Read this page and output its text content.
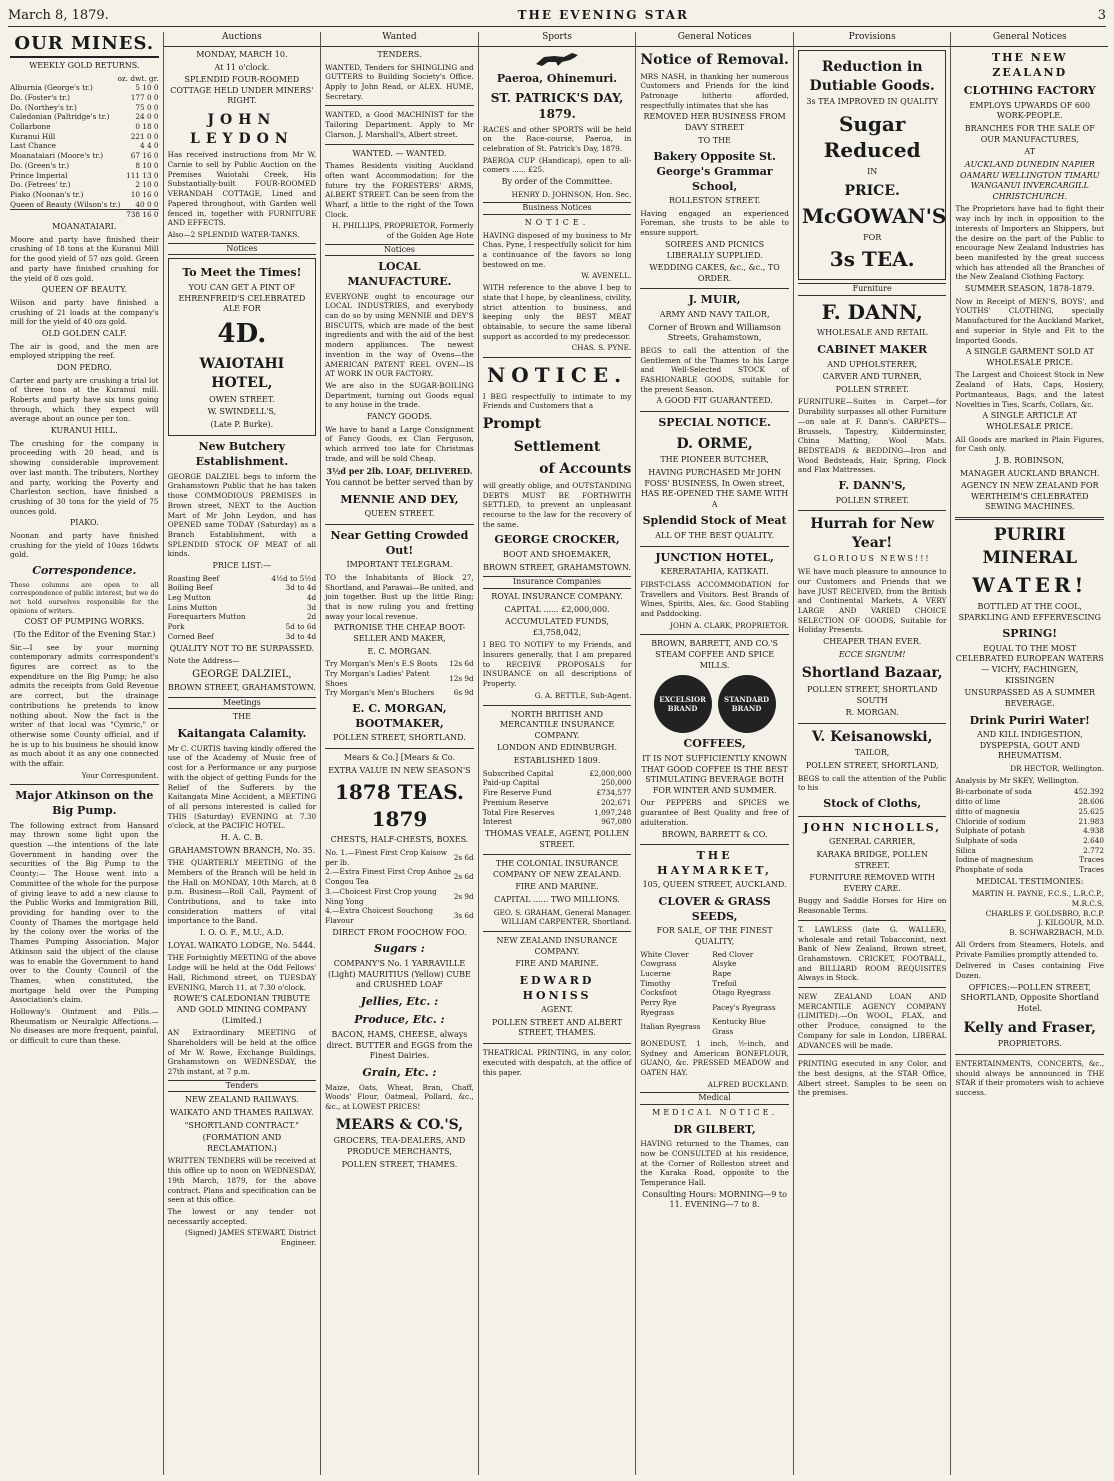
March 8, 1879.	THE EVENING STAR	3
OUR MINES.
WEEKLY GOLD RETURNS.
oz. dwt. gr.
Alburnia (George's tr.)	5 10 0
Do. (Foster's tr.)	177 0 0
Do. (Northey's tr.)	75 0 0
Caledonian (Paltridge's tr.)	24 0 0
Collarbone	0 18 0
Kuranui Hill	221 0 0
Last Chance	4 4 0
Moanataiari (Moore's tr.)	67 16 0
Do. (Green's tr.)	8 10 0
Prince Imperial	111 13 0
Do. (Fetrees' tr.)	2 10 0
Piako (Noonan's tr.)	10 16 0
Queen of Beauty (Wilson's tr.)	40 0 0
738 16 0
MOANATAIARI.
Moore and party have finished their crushing of 18 tons at the Kuranui Mill for the good yield of 57 ozs gold. Green and party have finished crushing for the yield of 8 ozs gold.
QUEEN OF BEAUTY.
Wilson and party have finished a crushing of 21 loads at the company's mill for the yield of 40 ozs gold.
OLD GOLDEN CALF.
The air is good, and the men are employed stripping the reef.
DON PEDRO.
Carter and party are crushing a trial lot of three tons at the Kuranui mill. Roberts and party have six tons going through, which they expect will average about an ounce per ton.
KURANUI HILL.
The crushing for the company is proceeding with 20 head, and is showing considerable improvement over last month. The tributers, Northey and party, working the Poverty and Charleston section, have finished a crushing of 30 tons for the yield of 75 ounces gold.
PIAKO.
Noonan and party have finished crushing for the yield of 10ozs 16dwts gold.
Correspondence.
These columns are open to all correspondence of public interest, but we do not hold ourselves responsible for the opinions of writers.
COST OF PUMPING WORKS.
(To the Editor of the Evening Star.)
Sir,—I see by your morning contemporary admits correspondent's figures are correct as to the expenditure on the Big Pump; he also admits the receipts from Gold Revenue are correct, but the drainage contributions he pretends to know nothing about. Now the fact is the writer of that local was "Cymric," or otherwise some County official, and if he is up to his business he should know as much about it as any one connected with the affair.
Your Correspondent.
Major Atkinson on the Big Pump.
The following extract from Hansard may thrown some light upon the question —the intentions of the late Government in handing over the securities of the Big Pump to the County:— The House went into a Committee of the whole for the purpose of giving leave to add a new clause to the Public Works and Immigration Bill, providing for handing over to the County of Thames the mortgage held by the colony over the works of the Thames Pumping Association. Major Atkinson said the object of the clause was to enable the Government to hand over to the County Council of the Thames, when constituted, the mortgage held over the Pumping Association's claim.
Holloway's Ointment and Pills.—Rheumatism or Neuralgic Affections.—No diseases are more frequent, painful, or difficult to cure than these.
Auctions
MONDAY, MARCH 10.
At 11 o'clock.
SPLENDID FOUR-ROOMED COTTAGE HELD UNDER MINERS' RIGHT.
JOHN LEYDON
Has received instructions from Mr W. Carnie to sell by Public Auction on the Premises Waiotahi Creek, His Substantially-built FOUR-ROOMED VERANDAH COTTAGE, Lined and Papered throughout, with Garden well fenced in, together with FURNITURE AND EFFECTS.
Also—2 SPLENDID WATER-TANKS.
Notices
To Meet the Times!
YOU CAN GET A PINT OF EHRENFREID'S CELEBRATED ALE FOR
4D.
WAIOTAHI HOTEL,
OWEN STREET.
W. SWINDELL'S,
(Late P. Burke).
New Butchery Establishment.
GEORGE DALZIEL begs to inform the Grahamstown Public that he has taken those COMMODIOUS PREMISES in Brown street, NEXT to the Auction Mart of Mr John Leydon, and has OPENED same TODAY (Saturday) as a Branch Establishment, with a SPLENDID STOCK OF MEAT of all kinds.
PRICE LIST:—
Roasting Beef	4½d to 5½d
Boiling Beef	3d to 4d
Leg Mutton	4d
Loins Mutton	3d
Forequarters Mutton	2d
Pork	5d to 6d
Corned Beef	3d to 4d
QUALITY NOT TO BE SURPASSED.
Note the Address—
GEORGE DALZIEL,
BROWN STREET, GRAHAMSTOWN.
Meetings
THE
Kaitangata Calamity.
Mr C. CURTIS having kindly offered the use of the Academy of Music free of cost for a Performance or any purpose with the object of getting Funds for the Relief of the Sufferers by the Kaitangata Mine Accident, a MEETING of all persons interested is called for THIS (Saturday) EVENING at 7.30 o'clock, at the PACIFIC HOTEL.
H. A. C. B.
GRAHAMSTOWN BRANCH, No. 35.
THE QUARTERLY MEETING of the Members of the Branch will be held in the Hall on MONDAY, 10th March, at 8 p.m. Business—Roll Call, Payment of Contributions, and to take into consideration matters of vital importance to the Band.
I. O. O. F., M.U., A.D.
LOYAL WAIKATO LODGE, No. 5444.
THE Fortnightly MEETING of the above Lodge will be held at the Odd Fellows' Hall, Richmond street, on TUESDAY EVENING, March 11, at 7.30 o'clock.
ROWE'S CALEDONIAN TRIBUTE AND GOLD MINING COMPANY (Limited.)
AN Extraordinary MEETING of Shareholders will be held at the office of Mr W. Rowe, Exchange Buildings, Grahamstown on WEDNESDAY, the 27th instant, at 7 p.m.
Tenders
NEW ZEALAND RAILWAYS.
WAIKATO AND THAMES RAILWAY.
"SHORTLAND CONTRACT."
(FORMATION AND RECLAMATION.)
WRITTEN TENDERS will be received at this office up to noon on WEDNESDAY, 19th March, 1879, for the above contract. Plans and specification can be seen at this office.
The lowest or any tender not necessarily accepted.
(Signed) JAMES STEWART, District Engineer.
Wanted
TENDERS.
WANTED, Tenders for SHINGLING and GUTTERS to Building Society's Office. Apply to John Read, or ALEX. HUME, Secretary.
WANTED, a Good MACHINIST for the Tailoring Department. Apply to Mr Clarson, J. Marshall's, Albert street.
WANTED. — WANTED.
Thames Residents visiting Auckland often want Accommodation; for the future try the FORESTERS' ARMS, ALBERT STREET. Can be seen from the Wharf, a little to the right of the Town Clock.
H. PHILLIPS, PROPRIETOR, Formerly of the Golden Age Hote
Notices
LOCAL MANUFACTURE.
EVERYONE ought to encourage our LOCAL INDUSTRIES, and everybody can do so by using MENNIE and DEY'S BISCUITS, which are made of the best ingredients and with the aid of the best modern appliances. The newest invention in the way of Ovens—the AMERICAN PATENT REEL OVEN—IS AT WORK IN OUR FACTORY.
We are also in the SUGAR-BOILING Department, turning out Goods equal to any house in the trade.
FANCY GOODS.
We have to hand a Large Consignment of Fancy Goods, ex Clan Ferguson, which arrived too late for Christmas trade, and will be sold Cheap.
3½d per 2lb. LOAF, DELIVERED.
You cannot be better served than by
MENNIE AND DEY,
QUEEN STREET.
Near Getting Crowded Out!
IMPORTANT TELEGRAM.
TO the Inhabitants of Block 27, Shortland, and Parawai—Be united, and join together. Bust up the little Ring; that is now ruling you and fretting away your local revenue.
PATRONISE THE CHEAP BOOT-SELLER AND MAKER,
E. C. MORGAN.
Try Morgan's Men's E.S Boots	12s 6d
Try Morgan's Ladies' Patent Shoes	12s 9d
Try Morgan's Men's Bluchers	6s 9d
E. C. MORGAN, BOOTMAKER,
POLLEN STREET, SHORTLAND.
Mears & Co.] [Mears & Co.
EXTRA VALUE IN NEW SEASON'S
1878 TEAS. 1879
CHESTS, HALF-CHESTS, BOXES.
No. 1.—Finest First Crop Kaisow per lb.	2s 6d
2.—Extra Finest First Crop Anhoe Congou Tea	2s 6d
3.—Choicest First Crop young Ning Yong	2s 9d
4.—Extra Choicest Souchong Flavour	3s 6d
DIRECT FROM FOOCHOW FOO.
Sugars :
COMPANY'S No. 1 YARRAVILLE (Light) MAURITIUS (Yellow) CUBE and CRUSHED LOAF
Jellies, Etc. :
Produce, Etc. :
BACON, HAMS, CHEESE, always direct. BUTTER and EGGS from the Finest Dairies.
Grain, Etc. :
Maize, Oats, Wheat, Bran, Chaff, Woods' Flour, Oatmeal, Pollard, &c., &c., at LOWEST PRICES!
MEARS & CO.'S,
GROCERS, TEA-DEALERS, AND PRODUCE MERCHANTS,
POLLEN STREET, THAMES.
Sports
Paeroa, Ohinemuri.
ST. PATRICK'S DAY, 1879.
RACES and other SPORTS will be held on the Race-course, Paeroa, in celebration of St. Patrick's Day, 1879.
PAEROA CUP (Handicap), open to all-comers ...... £25.
By order of the Committee.
HENRY D. JOHNSON, Hon. Sec.
Business Notices
NOTICE.
HAVING disposed of my business to Mr Chas. Pyne, I respectfully solicit for him a continuance of the favors so long bestowed on me.
W. AVENELL.
WITH reference to the above I beg to state that I hope, by cleanliness, civility, strict attention to business, and keeping only the BEST MEAT obtainable, to secure the same liberal support as accorded to my predecessor.
CHAS. S. PYNE.
NOTICE.
I BEG respectfully to intimate to my Friends and Customers that a
Prompt
Settlement
of Accounts
will greatly oblige, and OUTSTANDING DEBTS MUST BE FORTHWITH SETTLED, to prevent an unpleasant recourse to the law for the recovery of the same.
GEORGE CROCKER,
BOOT AND SHOEMAKER,
BROWN STREET, GRAHAMSTOWN.
Insurance Companies
ROYAL INSURANCE COMPANY.
CAPITAL ...... £2,000,000.
ACCUMULATED FUNDS, £3,758,042,
I BEG TO NOTIFY to my Friends, and Insurers generally, that I am prepared to RECEIVE PROPOSALS for INSURANCE on all descriptions of Property.
G. A. BETTLE, Sub-Agent.
NORTH BRITISH AND MERCANTILE INSURANCE COMPANY.
LONDON AND EDINBURGH.
ESTABLISHED 1809.
Subscribed Capital	£2,000,000
Paid-up Capital	250,000
Fire Reserve Fund	£734,577
Premium Reserve	202,671
Total Fire Reserves	1,097,248
Interest	967,080
THOMAS VEALE, AGENT, POLLEN STREET.
THE COLONIAL INSURANCE COMPANY OF NEW ZEALAND.
FIRE AND MARINE.
CAPITAL ...... TWO MILLIONS.
GEO. S. GRAHAM, General Manager.
WILLIAM CARPENTER, Shortland.
NEW ZEALAND INSURANCE COMPANY.
FIRE AND MARINE.
EDWARD HONISS
AGENT.
POLLEN STREET AND ALBERT STREET, THAMES.
THEATRICAL PRINTING, in any color, executed with despatch, at the office of this paper.
General Notices
Notice of Removal.
MRS NASH, in thanking her numerous Customers and Friends for the kind Patronage hitherto afforded, respectfully intimates that she has
REMOVED HER BUSINESS FROM DAVY STREET
TO THE
Bakery Opposite St. George's Grammar School,
ROLLESTON STREET.
Having engaged an experienced Foreman, she trusts to be able to ensure support.
SOIREES AND PICNICS LIBERALLY SUPPLIED.
WEDDING CAKES, &c., &c., TO ORDER.
J. MUIR,
ARMY AND NAVY TAILOR,
Corner of Brown and Williamson Streets, Grahamstown,
BEGS to call the attention of the Gentlemen of the Thames to his Large and Well-Selected STOCK of FASHIONABLE GOODS, suitable for the present Season.
A GOOD FIT GUARANTEED.
SPECIAL NOTICE.
D. ORME,
THE PIONEER BUTCHER,
HAVING PURCHASED Mr JOHN FOSS' BUSINESS, In Owen street, HAS RE-OPENED THE SAME WITH A
Splendid Stock of Meat
ALL OF THE BEST QUALITY.
JUNCTION HOTEL,
KERERATAHIA, KATIKATI.
FIRST-CLASS ACCOMMODATION for Travellers and Visitors. Best Brands of Wines, Spirits, Ales, &c. Good Stabling and Paddocking.
JOHN A. CLARK, PROPRIETOR.
BROWN, BARRETT, AND CO.'S STEAM COFFEE AND SPICE MILLS.
EXCELSIOR BRAND
STANDARD BRAND
COFFEES,
IT IS NOT SUFFICIENTLY KNOWN THAT GOOD COFFEE IS THE BEST STIMULATING BEVERAGE BOTH FOR WINTER AND SUMMER.
Our PEPPERS and SPICES we guarantee of Best Quality and free of adulteration.
BROWN, BARRETT & CO.
THE HAYMARKET,
105, QUEEN STREET, AUCKLAND.
CLOVER & GRASS SEEDS,
FOR SALE, OF THE FINEST QUALITY,
White Clover	Red Clover
Cowgrass	Alsyke
Lucerne	Rape
Timothy	Trefoil
Cocksfoot	Otago Ryegrass
Perry Rye Ryegrass	Pacey's Ryegrass
Italian Ryegrass	Kentucky Blue Grass
BONEDUST, 1 inch, ½-inch, and Sydney and American BONEFLOUR, GUANO, &c. PRESSED MEADOW and OATEN HAY.
ALFRED BUCKLAND.
Medical
MEDICAL NOTICE.
DR GILBERT,
HAVING returned to the Thames, can now be CONSULTED at his residence, at the Corner of Rolleston street and the Karaka Road, opposite to the Temperance Hall.
Consulting Hours: MORNING—9 to 11. EVENING—7 to 8.
Provisions
Reduction in Dutiable Goods.
3s TEA IMPROVED IN QUALITY
Sugar Reduced
IN
PRICE.
McGOWAN'S
FOR
3s TEA.
Furniture
F. DANN,
WHOLESALE AND RETAIL
CABINET MAKER
AND UPHOLSTERER,
CARVER AND TURNER,
POLLEN STREET.
FURNITURE—Suites in Carpet—for Durability surpasses all other Furniture—on sale at F. Dann's. CARPETS—Brussels, Tapestry, Kidderminster, China Matting, Wool Mats. BEDSTEADS & BEDDING—Iron and Wood Bedsteads, Hair, Spring, Flock and Flax Mattresses.
F. DANN'S,
POLLEN STREET.
Hurrah for New Year!
GLORIOUS NEWS!!!
WE have much pleasure to announce to our Customers and Friends that we have JUST RECEIVED, from the British and Continental Markets, A VERY LARGE AND VARIED CHOICE SELECTION OF GOODS, Suitable for Holiday Presents.
CHEAPER THAN EVER.
ECCE SIGNUM!
Shortland Bazaar,
POLLEN STREET, SHORTLAND SOUTH
R. MORGAN.
V. Keisanowski,
TAILOR,
POLLEN STREET, SHORTLAND,
BEGS to call the attention of the Public to his
Stock of Cloths,
JOHN NICHOLLS,
GENERAL CARRIER,
KARAKA BRIDGE, POLLEN STREET.
FURNITURE REMOVED WITH EVERY CARE.
Buggy and Saddle Horses for Hire on Reasonable Terms.
T. LAWLESS (late G. WALLER), wholesale and retail Tobacconist, next Bank of New Zealand, Brown street, Grahamstown. CRICKET, FOOTBALL, and BILLIARD ROOM REQUISITES Always in Stock.
NEW ZEALAND LOAN AND MERCANTILE AGENCY COMPANY (LIMITED).—On WOOL, FLAX, and other Produce, consigned to the Company for sale in London, LIBERAL ADVANCES will be made.
PRINTING executed in any Color, and the best designs, at the STAR Office, Albert street. Samples to be seen on the premises.
General Notices
THE NEW ZEALAND
CLOTHING FACTORY
EMPLOYS UPWARDS OF 600 WORK-PEOPLE.
BRANCHES FOR THE SALE OF OUR MANUFACTURES,
AT
AUCKLAND DUNEDIN NAPIER OAMARU WELLINGTON TIMARU WANGANUI INVERCARGILL CHRISTCHURCH.
The Proprietors have had to fight their way inch by inch in opposition to the interests of Importers an Shippers, but the desire on the part of the Public to encourage New Zealand Industries has been manifested by the great success which has attended all the Branches of the New Zealand Clothing Factory.
SUMMER SEASON, 1878-1879.
Now in Receipt of MEN'S, BOYS', and YOUTHS' CLOTHING, specially Manufactured for the Auckland Market, and superior in Style and Fit to the Imported Goods.
A SINGLE GARMENT SOLD AT WHOLESALE PRICE.
The Largest and Choicest Stock in New Zealand of Hats, Caps, Hosiery, Portmanteaus, Bags, and the latest Novelties in Ties, Scarfs, Collars, &c.
A SINGLE ARTICLE AT WHOLESALE PRICE.
All Goods are marked in Plain Figures, for Cash only.
J. B. ROBINSON,
MANAGER AUCKLAND BRANCH.
AGENCY IN NEW ZEALAND FOR WERTHEIM'S CELEBRATED SEWING MACHINES.
PURIRI MINERAL
WATER!
BOTTLED AT THE COOL, SPARKLING AND EFFERVESCING
SPRING!
EQUAL TO THE MOST CELEBRATED EUROPEAN WATERS— VICHY, FACHINGEN, KISSINGEN
UNSURPASSED AS A SUMMER BEVERAGE.
Drink Puriri Water!
AND KILL INDIGESTION, DYSPEPSIA, GOUT AND RHEUMATISM.
DR HECTOR, Wellington.
Analysis by Mr SKEY, Wellington.
Bi-carbonate of soda	452.392
ditto of lime	28.606
ditto of magnesia	25.625
Chloride of sodium	21.983
Sulphate of potash	4.938
Sulphate of soda	2.640
Silica	2.772
Iodine of magnesium	Traces
Phosphate of soda	Traces
MEDICAL TESTIMONIES:
MARTIN H. PAYNE, F.C.S., L.R.C.P., M.R.C.S.
CHARLES F. GOLDSBRO, B.C.P.
J. KILGOUR, M.D.
B. SCHWARZBACH, M.D.
All Orders from Steamers, Hotels, and Private Families promptly attended to.
Delivered in Cases containing Five Dozen.
OFFICES:—POLLEN STREET, SHORTLAND, Opposite Shortland Hotel.
Kelly and Fraser,
PROPRIETORS.
ENTERTAINMENTS, CONCERTS, &c., should always be announced in THE STAR if their promoters wish to achieve success.
